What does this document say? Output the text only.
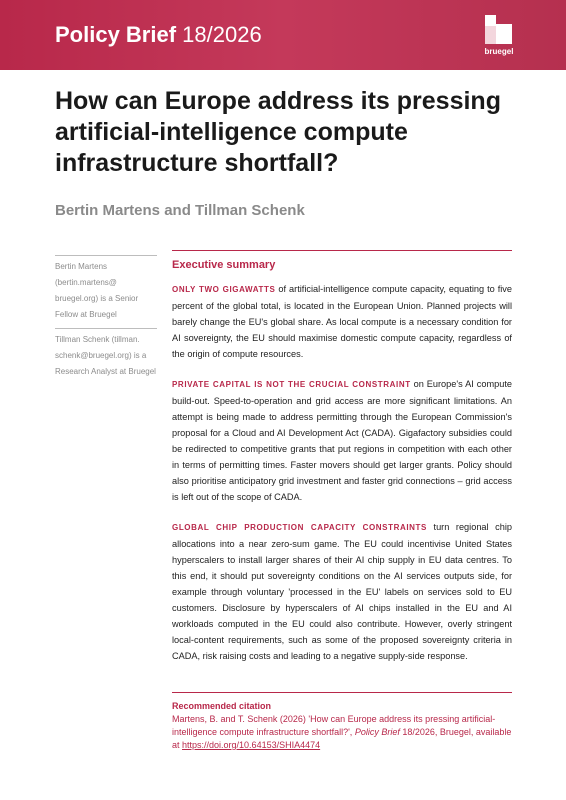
Policy Brief 18/2026
bruegel
How can Europe address its pressing artificial-intelligence compute infrastructure shortfall?
Bertin Martens and Tillman Schenk

Bertin Martens (bertin.martens@ bruegel.org) is a Senior Fellow at Bruegel

Tillman Schenk (tillman. schenk@bruegel.org) is a Research Analyst at Bruegel

Executive summary

ONLY TWO GIGAWATTS of artificial-intelligence compute capacity, equating to five percent of the global total, is located in the European Union. Planned projects will barely change the EU's global share. As local compute is a necessary condition for AI sovereignty, the EU should maximise domestic compute capacity, regardless of the origin of compute resources.

PRIVATE CAPITAL IS NOT THE CRUCIAL CONSTRAINT on Europe's AI compute build-out. Speed-to-operation and grid access are more significant limitations. An attempt is being made to address permitting through the European Commission's proposal for a Cloud and AI Development Act (CADA). Gigafactory subsidies could be redirected to competitive grants that put regions in competition with each other in terms of permitting times. Faster movers should get larger grants. Policy should also prioritise anticipatory grid investment and faster grid connections – grid access is left out of the scope of CADA.

GLOBAL CHIP PRODUCTION CAPACITY CONSTRAINTS turn regional chip allocations into a near zero-sum game. The EU could incentivise United States hyperscalers to install larger shares of their AI chip supply in EU data centres. To this end, it should put sovereignty conditions on the AI services outputs side, for example through voluntary 'processed in the EU' labels on services sold to EU customers. Disclosure by hyperscalers of AI chips installed in the EU and AI workloads computed in the EU could also contribute. However, overly stringent local-content requirements, such as some of the proposed sovereignty criteria in CADA, risk raising costs and leading to a negative supply-side response.

Recommended citation
Martens, B. and T. Schenk (2026) 'How can Europe address its pressing artificial-intelligence compute infrastructure shortfall?', Policy Brief 18/2026, Bruegel, available at https://doi.org/10.64153/SHIA4474
